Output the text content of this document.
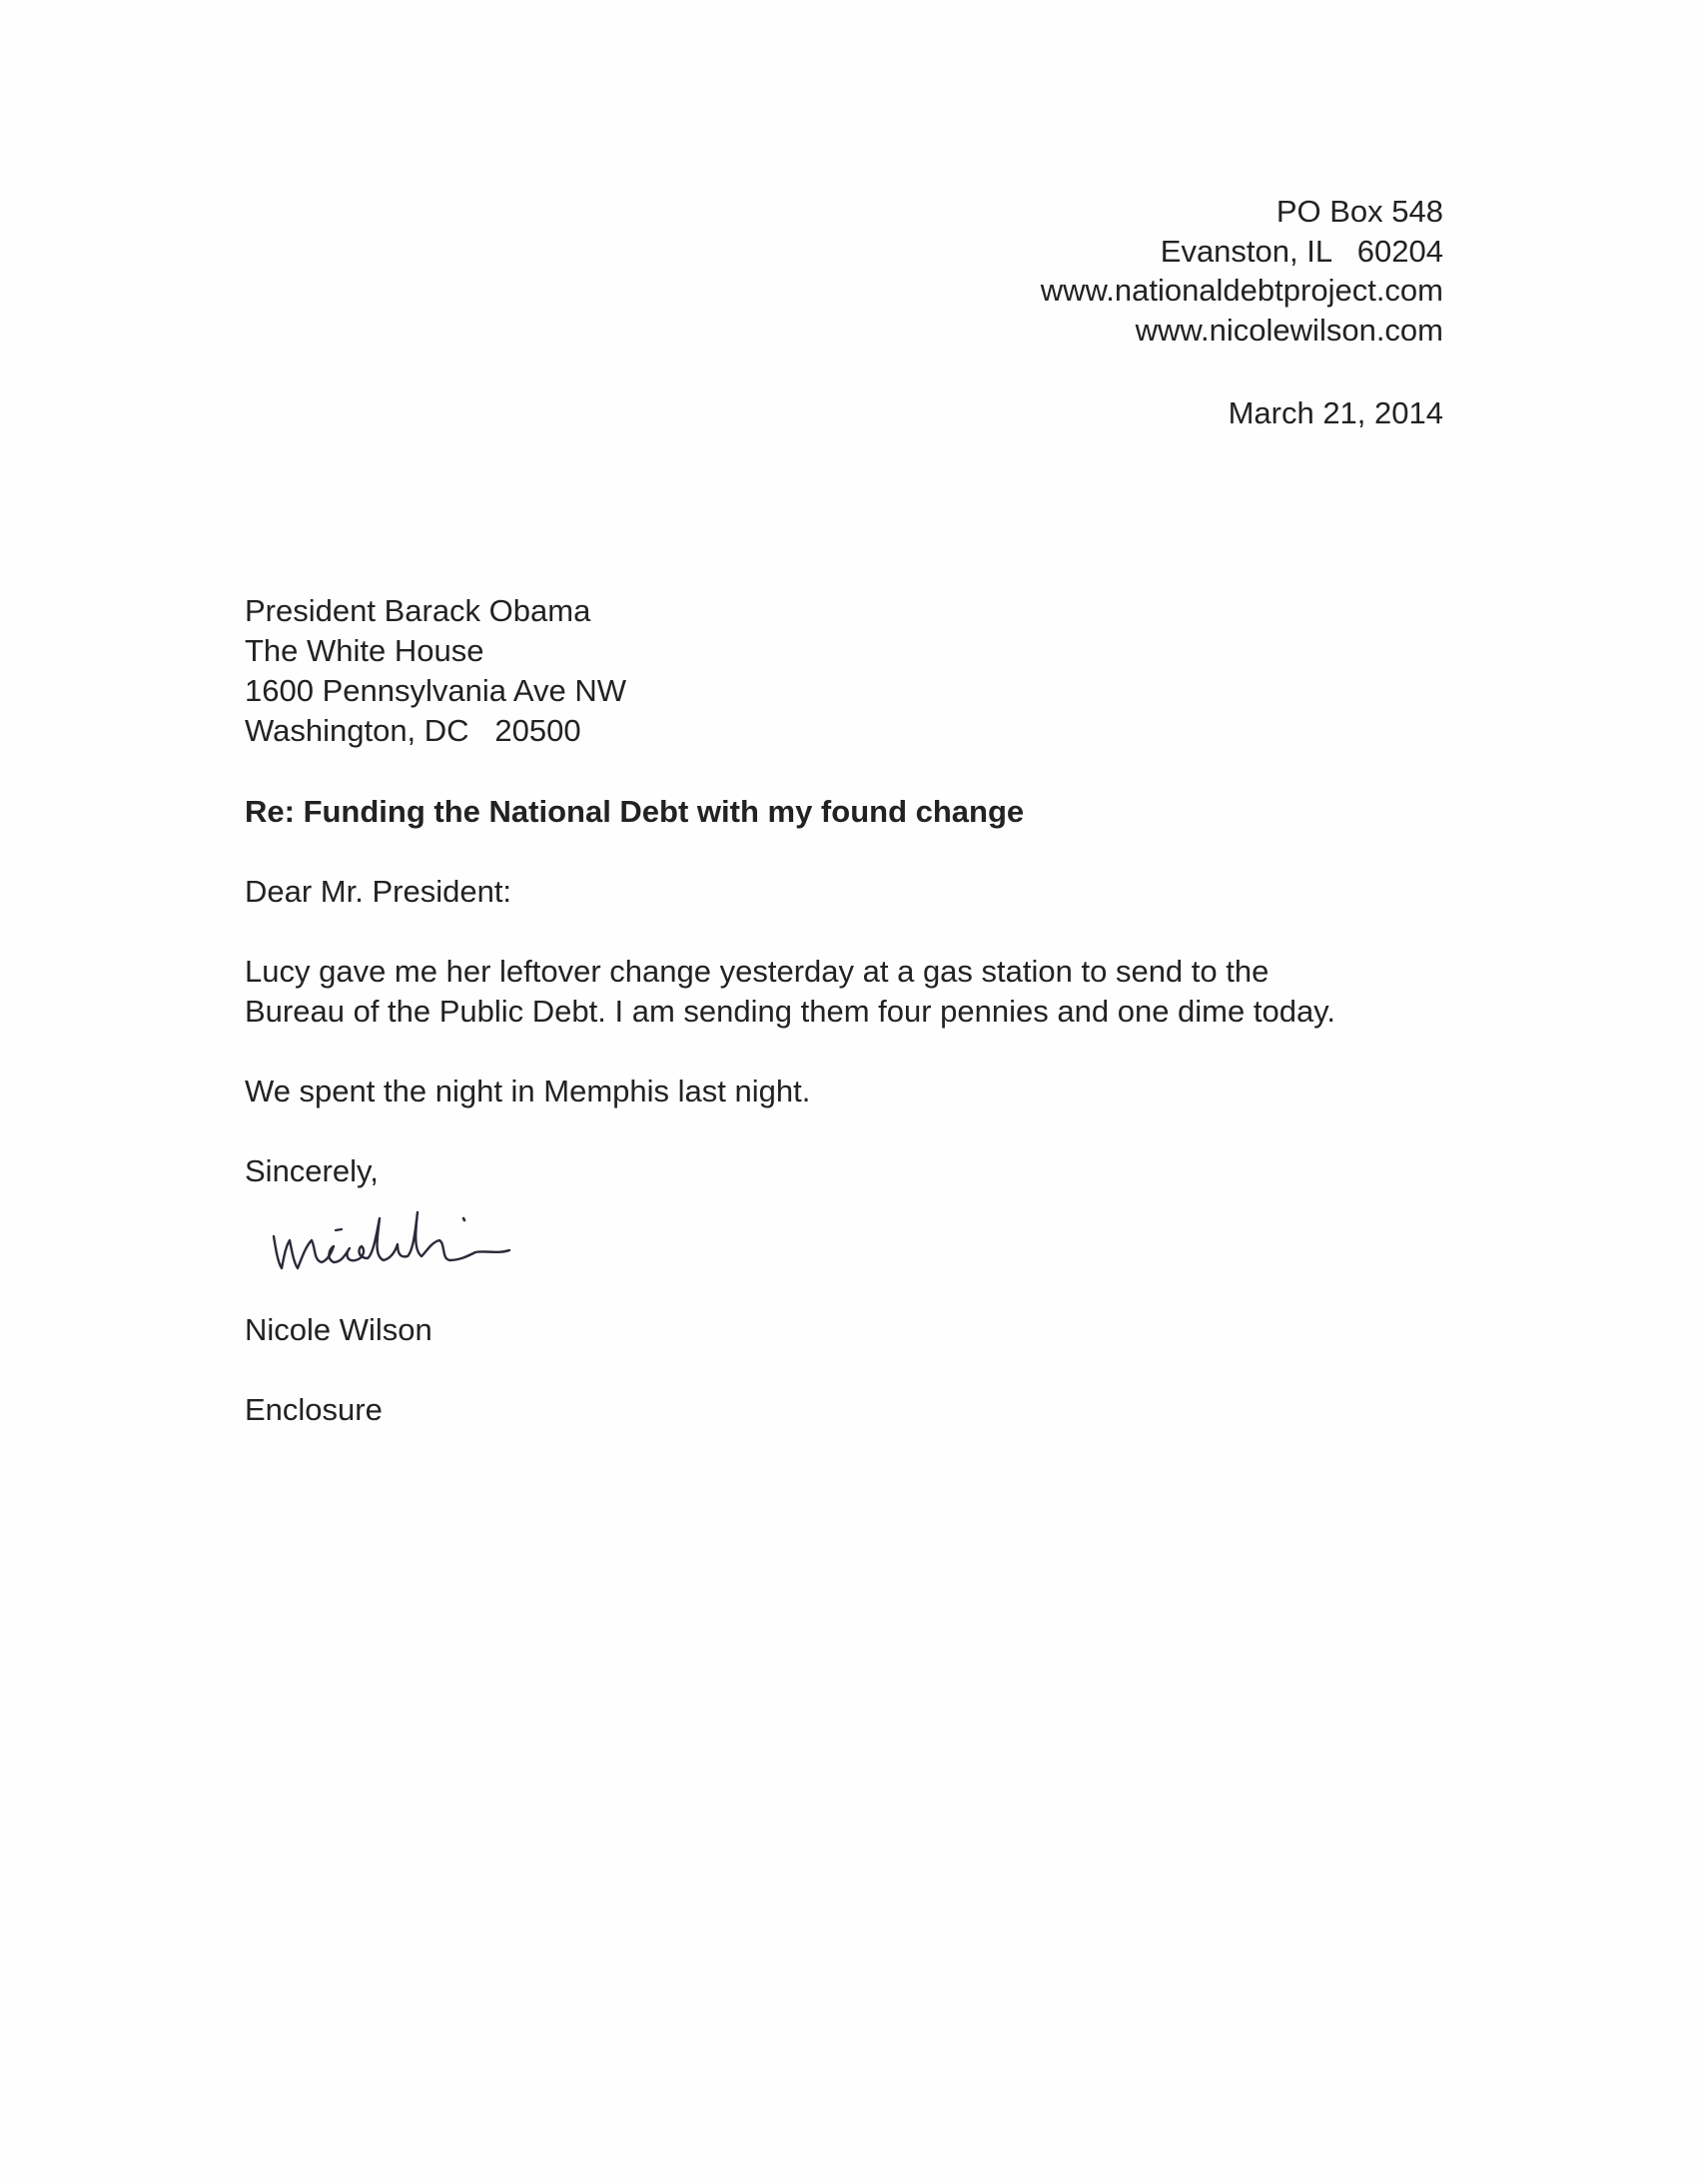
PO Box 548
Evanston, IL   60204
www.nationaldebtproject.com
www.nicolewilson.com
March 21, 2014
President Barack Obama
The White House
1600 Pennsylvania Ave NW
Washington, DC   20500
Re: Funding the National Debt with my found change
Dear Mr. President:
Lucy gave me her leftover change yesterday at a gas station to send to the
Bureau of the Public Debt. I am sending them four pennies and one dime today.
We spent the night in Memphis last night.
Sincerely,
Nicole Wilson
Enclosure
